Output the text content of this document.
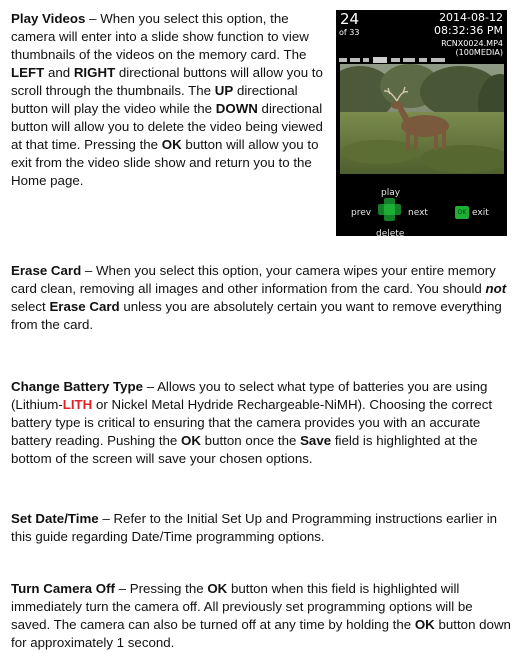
Play Videos – When you select this option, the camera will enter into a slide show function to view thumbnails of the videos on the memory card. The LEFT and RIGHT directional buttons will allow you to scroll through the thumbnails. The UP directional button will play the video while the DOWN directional button will allow you to delete the video being viewed at that time. Pressing the OK button will allow you to exit from the video slide show and return you to the Home page.

24
of 33
2014-08-12
08:32:36 PM
RCNX0024.MP4
(100MEDIA)
play
prev	next
delete
OK exit

Erase Card – When you select this option, your camera wipes your entire memory card clean, removing all images and other information from the card. You should not select Erase Card unless you are absolutely certain you want to remove everything from the card.

Change Battery Type – Allows you to select what type of batteries you are using (Lithium-LITH or Nickel Metal Hydride Rechargeable-NiMH). Choosing the correct battery type is critical to ensuring that the camera provides you with an accurate battery reading. Pushing the OK button once the Save field is highlighted at the bottom of the screen will save your chosen options.

Set Date/Time – Refer to the Initial Set Up and Programming instructions earlier in this guide regarding Date/Time programming options.

Turn Camera Off – Pressing the OK button when this field is highlighted will immediately turn the camera off. All previously set programming options will be saved. The camera can also be turned off at any time by holding the OK button down for approximately 1 second.
